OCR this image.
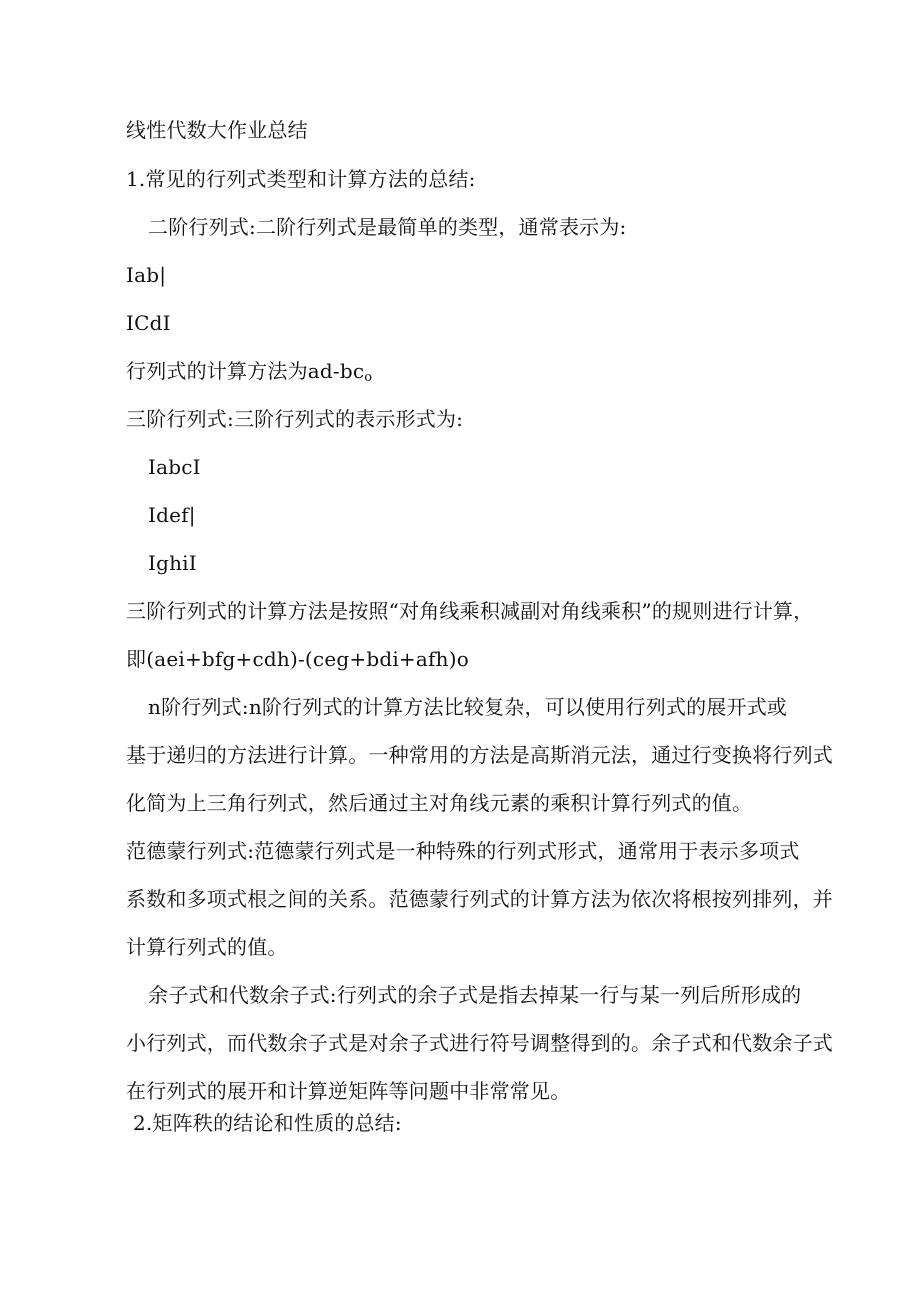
线性代数大作业总结
1.常见的行列式类型和计算方法的总结:
二阶行列式:二阶行列式是最简单的类型，通常表示为:
Iab|
ICdI
行列式的计算方法为$ad-bc_o$
三阶行列式:三阶行列式的表示形式为:
IabcI
Idef|
IghiI
三阶行列式的计算方法是按照“对角线乘积减副对角线乘积”的规则进行计算，
即(aei+bfg+cdh)-(ceg+bdi+afh)o
n阶行列式:n阶行列式的计算方法比较复杂，可以使用行列式的展开式或
基于递归的方法进行计算。一种常用的方法是高斯消元法，通过行变换将行列式
化简为上三角行列式，然后通过主对角线元素的乘积计算行列式的值。
范德蒙行列式:范德蒙行列式是一种特殊的行列式形式，通常用于表示多项式
系数和多项式根之间的关系。范德蒙行列式的计算方法为依次将根按列排列，并
计算行列式的值。
余子式和代数余子式:行列式的余子式是指去掉某一行与某一列后所形成的
小行列式，而代数余子式是对余子式进行符号调整得到的。余子式和代数余子式
在行列式的展开和计算逆矩阵等问题中非常常见。
2.矩阵秩的结论和性质的总结:
